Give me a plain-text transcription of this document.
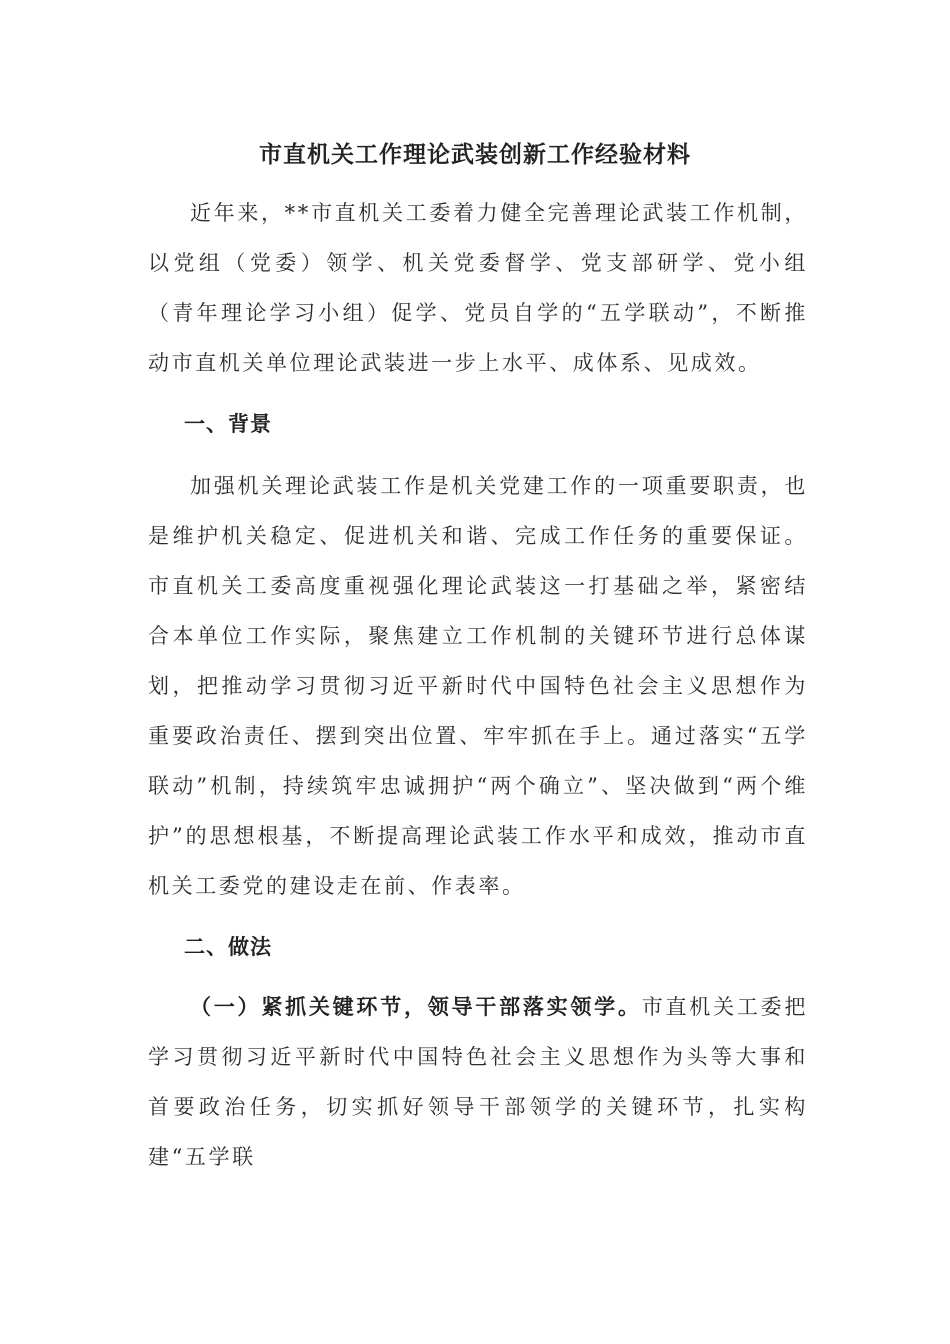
市直机关工作理论武装创新工作经验材料
近年来，**市直机关工委着力健全完善理论武装工作机制，以党组（党委）领学、机关党委督学、党支部研学、党小组（青年理论学习小组）促学、党员自学的“五学联动”，不断推动市直机关单位理论武装进一步上水平、成体系、见成效。
一、背景
加强机关理论武装工作是机关党建工作的一项重要职责，也是维护机关稳定、促进机关和谐、完成工作任务的重要保证。市直机关工委高度重视强化理论武装这一打基础之举，紧密结合本单位工作实际，聚焦建立工作机制的关键环节进行总体谋划，把推动学习贯彻习近平新时代中国特色社会主义思想作为重要政治责任、摆到突出位置、牢牢抓在手上。通过落实“五学联动”机制，持续筑牢忠诚拥护“两个确立”、坚决做到“两个维护”的思想根基，不断提高理论武装工作水平和成效，推动市直机关工委党的建设走在前、作表率。
二、做法
（一）紧抓关键环节，领导干部落实领学。市直机关工委把学习贯彻习近平新时代中国特色社会主义思想作为头等大事和首要政治任务，切实抓好领导干部领学的关键环节，扎实构建“五学联
